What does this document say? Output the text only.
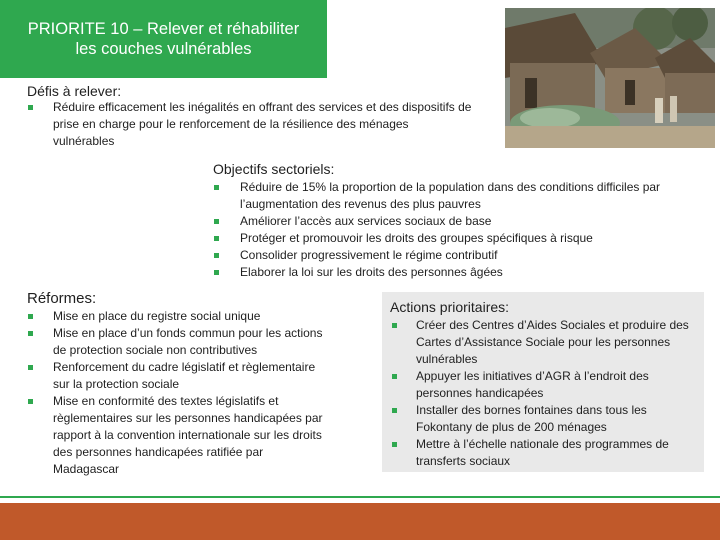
PRIORITE 10 – Relever et réhabiliter
les couches vulnérables
Défis à relever:
Réduire efficacement les inégalités en offrant des services et des dispositifs de
prise en charge pour le renforcement de la résilience des ménages
vulnérables
Objectifs sectoriels:
Réduire de 15% la proportion de la population dans des conditions difficiles par
l’augmentation des revenus des plus pauvres
Améliorer l’accès aux services sociaux de base
Protéger et promouvoir les droits des groupes spécifiques à risque
Consolider progressivement le régime contributif
Elaborer la loi sur les droits des personnes âgées
Réformes:
Mise en place du registre social unique
Mise en place d’un fonds commun pour les actions
de protection sociale non contributives
Renforcement du cadre législatif et règlementaire
sur la protection sociale
Mise en conformité des textes législatifs et
règlementaires sur les personnes handicapées par
rapport à la convention internationale sur les droits
des personnes handicapées ratifiée par
Madagascar
Actions prioritaires:
Créer des Centres d’Aides Sociales et produire des
Cartes d’Assistance Sociale pour les personnes
vulnérables
Appuyer les initiatives d’AGR à l’endroit des
personnes handicapées
Installer des bornes fontaines dans tous les
Fokontany de plus de 200 ménages
Mettre à l’échelle nationale des programmes de
transferts sociaux
